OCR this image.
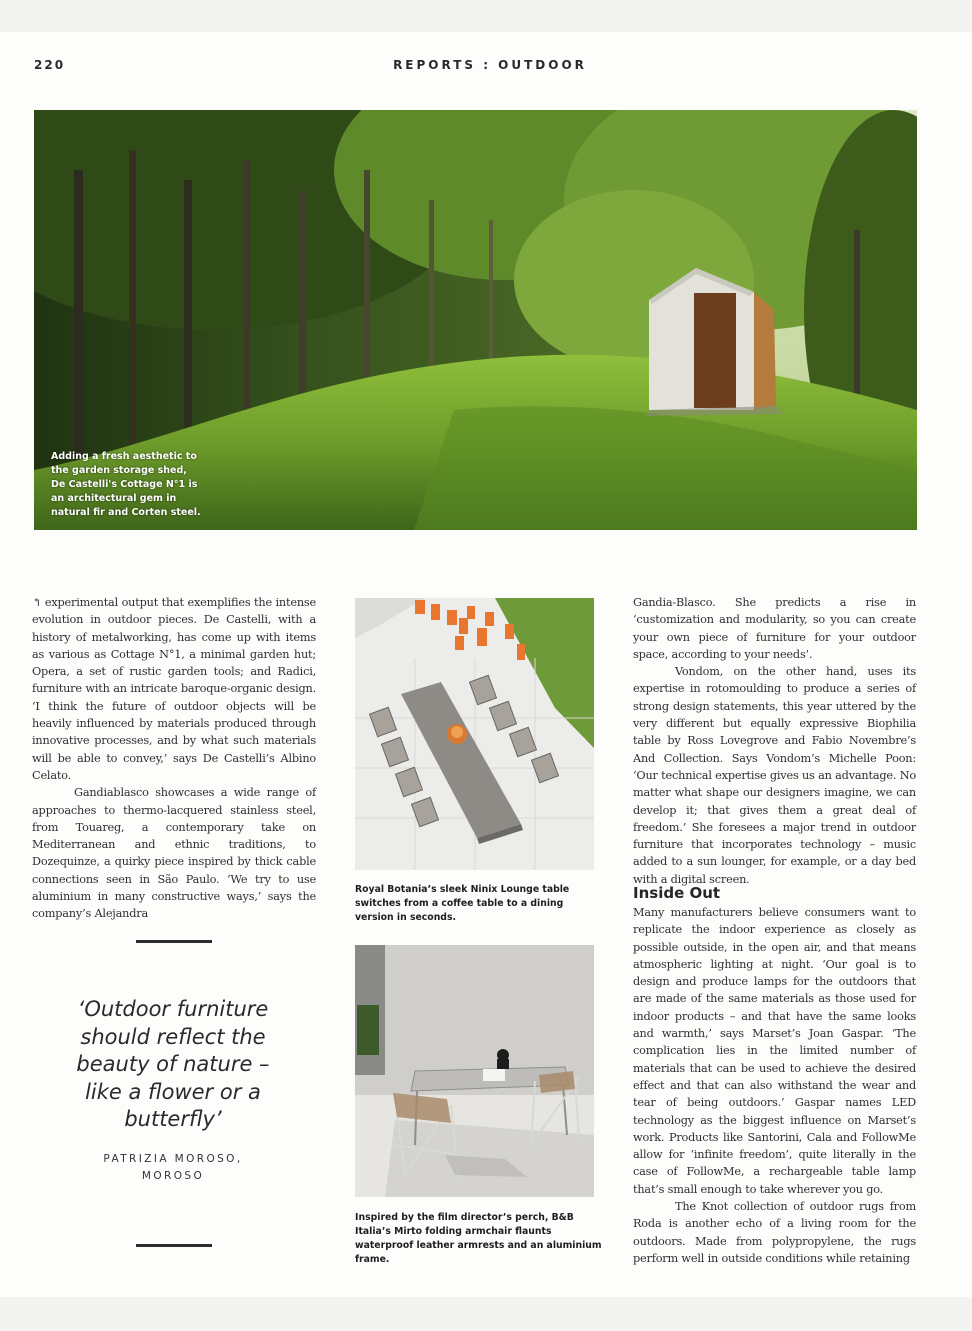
220	REPORTS : OUTDOOR
Adding a fresh aesthetic to the garden storage shed, De Castelli's Cottage N°1 is an architectural gem in natural fir and Corten steel.

↰ experimental output that exemplifies the intense evolution in outdoor pieces. De Castelli, with a history of metalworking, has come up with items as various as Cottage N°1, a minimal garden hut; Opera, a set of rustic garden tools; and Radici, furniture with an intricate baroque-organic design. ‘I think the future of outdoor objects will be heavily influenced by materials produced through innovative processes, and by what such materials will be able to convey,’ says De Castelli’s Albino Celato.

Gandiablasco showcases a wide range of approaches to thermo-lacquered stainless steel, from Touareg, a contemporary take on Mediterranean and ethnic traditions, to Dozequinze, a quirky piece inspired by thick cable connections seen in São Paulo. ‘We try to use aluminium in many constructive ways,’ says the company’s Alejandra

‘Outdoor furniture should reflect the beauty of nature – like a flower or a butterfly’
PATRIZIA MOROSO,
MOROSO
Royal Botania’s sleek Ninix Lounge table switches from a coffee table to a dining version in seconds.
Inspired by the film director’s perch, B&B Italia’s Mirto folding armchair flaunts waterproof leather armrests and an aluminium frame.

Gandia-Blasco. She predicts a rise in ‘customization and modularity, so you can create your own piece of furniture for your outdoor space, according to your needs’.

Vondom, on the other hand, uses its expertise in rotomoulding to produce a series of strong design statements, this year uttered by the very different but equally expressive Biophilia table by Ross Lovegrove and Fabio Novembre’s And Collection. Says Vondom’s Michelle Poon: ‘Our technical expertise gives us an advantage. No matter what shape our designers imagine, we can develop it; that gives them a great deal of freedom.’ She foresees a major trend in outdoor furniture that incorporates technology – music added to a sun lounger, for example, or a day bed with a digital screen.

Inside Out

Many manufacturers believe consumers want to replicate the indoor experience as closely as possible outside, in the open air, and that means atmospheric lighting at night. ‘Our goal is to design and produce lamps for the outdoors that are made of the same materials as those used for indoor products – and that have the same looks and warmth,’ says Marset’s Joan Gaspar. ‘The complication lies in the limited number of materials that can be used to achieve the desired effect and that can also withstand the wear and tear of being outdoors.’ Gaspar names LED technology as the biggest influence on Marset’s work. Products like Santorini, Cala and FollowMe allow for ‘infinite freedom’, quite literally in the case of FollowMe, a rechargeable table lamp that’s small enough to take wherever you go.

The Knot collection of outdoor rugs from Roda is another echo of a living room for the outdoors. Made from polypropylene, the rugs perform well in outside conditions while retaining
